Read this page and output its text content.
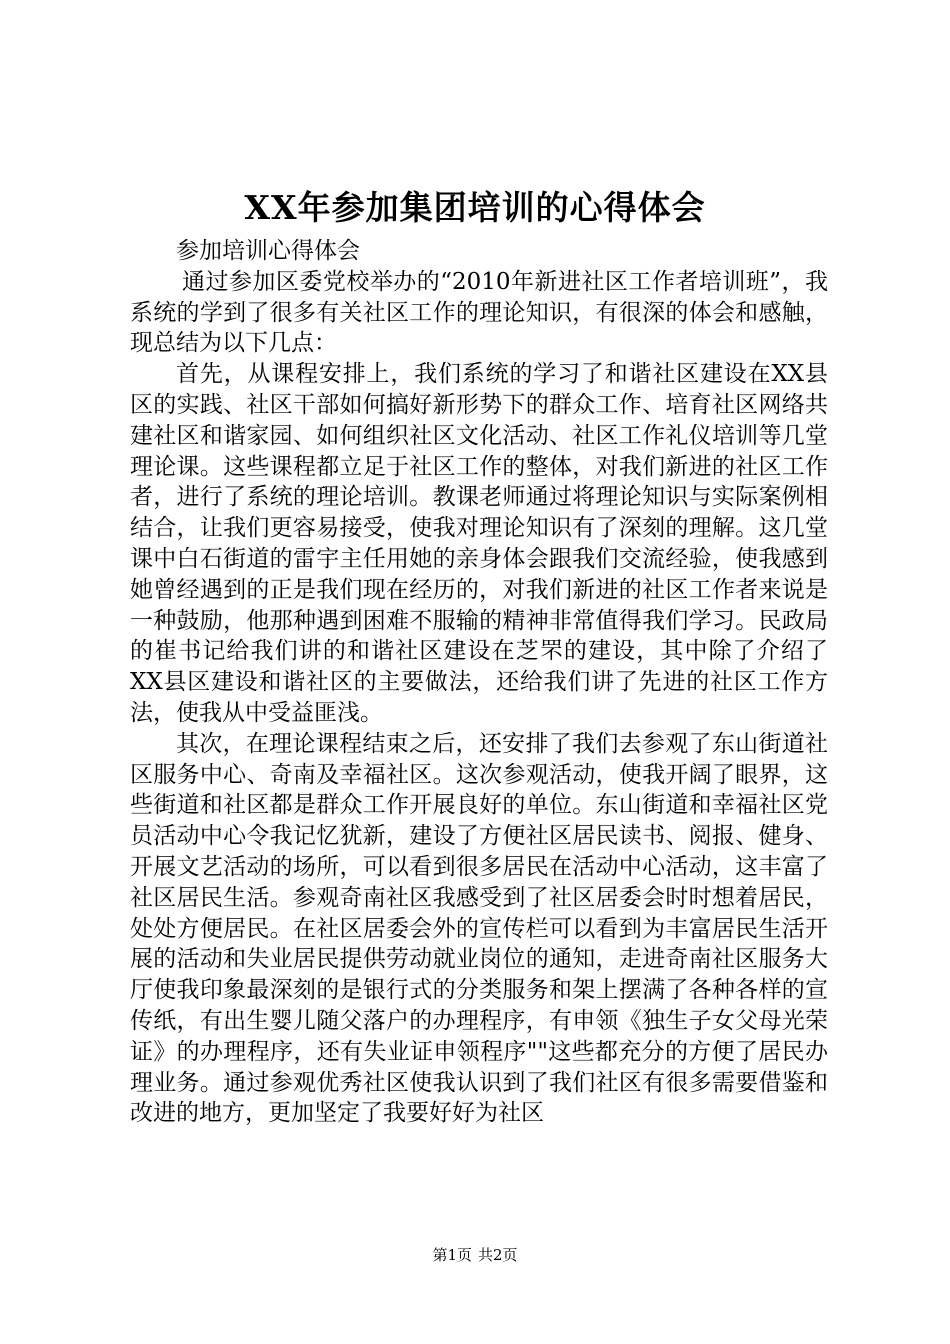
XX年参加集团培训的心得体会

参加培训心得体会

通过参加区委党校举办的“2010年新进社区工作者培训班”，我系统的学到了很多有关社区工作的理论知识，有很深的体会和感触，现总结为以下几点：

首先，从课程安排上，我们系统的学习了和谐社区建设在XX县区的实践、社区干部如何搞好新形势下的群众工作、培育社区网络共建社区和谐家园、如何组织社区文化活动、社区工作礼仪培训等几堂理论课。这些课程都立足于社区工作的整体，对我们新进的社区工作者，进行了系统的理论培训。教课老师通过将理论知识与实际案例相结合，让我们更容易接受，使我对理论知识有了深刻的理解。这几堂课中白石街道的雷宇主任用她的亲身体会跟我们交流经验，使我感到她曾经遇到的正是我们现在经历的，对我们新进的社区工作者来说是一种鼓励，他那种遇到困难不服输的精神非常值得我们学习。民政局的崔书记给我们讲的和谐社区建设在芝罘的建设，其中除了介绍了XX县区建设和谐社区的主要做法，还给我们讲了先进的社区工作方法，使我从中受益匪浅。

其次，在理论课程结束之后，还安排了我们去参观了东山街道社区服务中心、奇南及幸福社区。这次参观活动，使我开阔了眼界，这些街道和社区都是群众工作开展良好的单位。东山街道和幸福社区党员活动中心令我记忆犹新，建设了方便社区居民读书、阅报、健身、开展文艺活动的场所，可以看到很多居民在活动中心活动，这丰富了社区居民生活。参观奇南社区我感受到了社区居委会时时想着居民，处处方便居民。在社区居委会外的宣传栏可以看到为丰富居民生活开展的活动和失业居民提供劳动就业岗位的通知，走进奇南社区服务大厅使我印象最深刻的是银行式的分类服务和架上摆满了各种各样的宣传纸，有出生婴儿随父落户的办理程序，有申领《独生子女父母光荣证》的办理程序，还有失业证申领程序""这些都充分的方便了居民办理业务。通过参观优秀社区使我认识到了我们社区有很多需要借鉴和改进的地方，更加坚定了我要好好为社区

第1页 共2页
